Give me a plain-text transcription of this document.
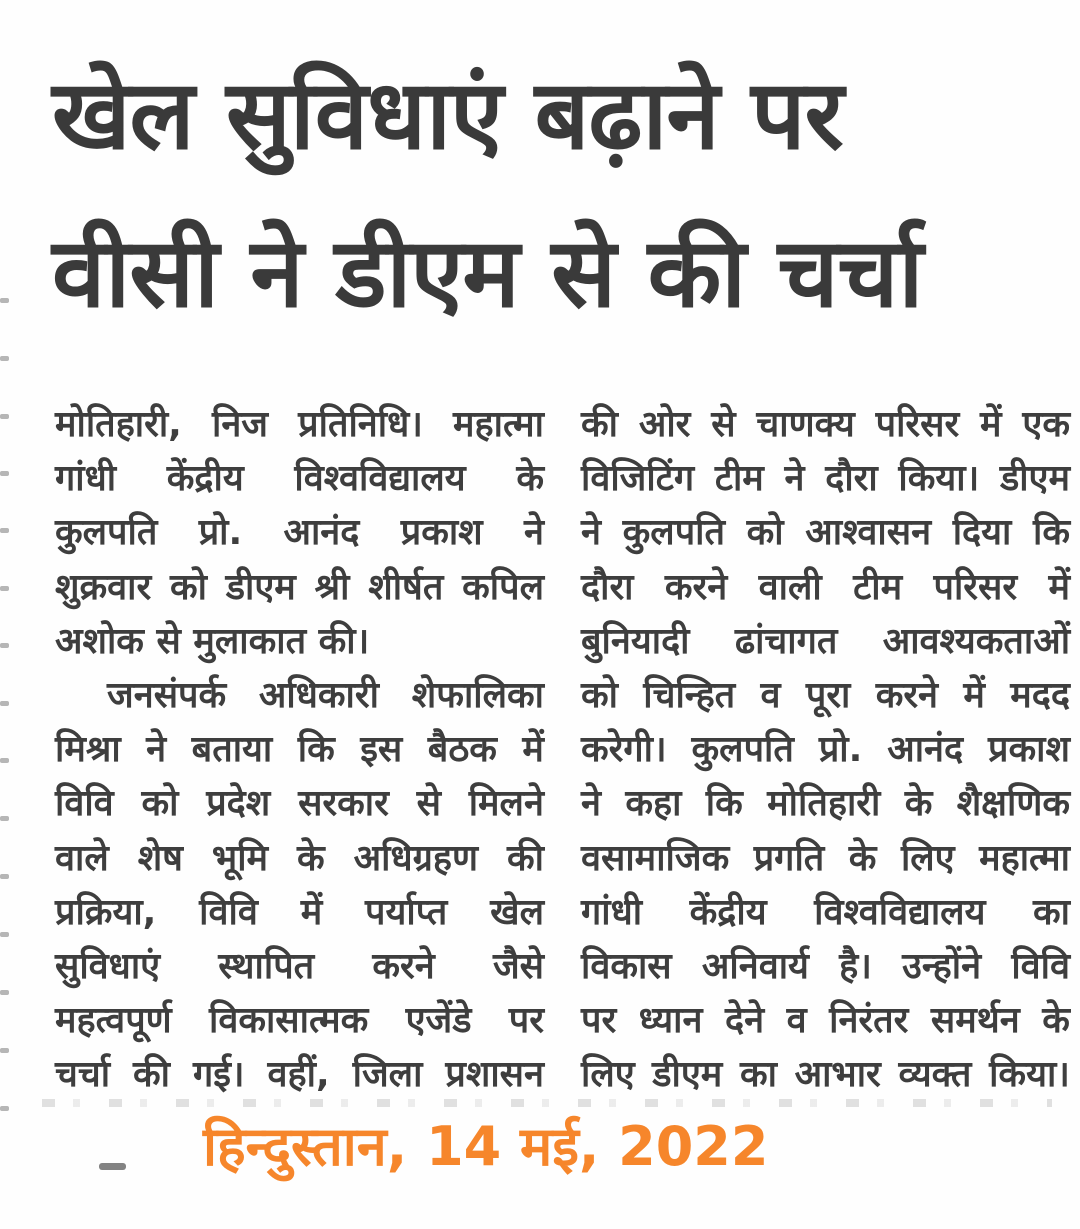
खेल सुविधाएं बढ़ाने पर
वीसी ने डीएम से की चर्चा
मोतिहारी, निज प्रतिनिधि। महात्मा
गांधी केंद्रीय विश्वविद्यालय के
कुलपति प्रो. आनंद प्रकाश ने
शुक्रवार को डीएम श्री शीर्षत कपिल
अशोक से मुलाकात की।
जनसंपर्क अधिकारी शेफालिका
मिश्रा ने बताया कि इस बैठक में
विवि को प्रदेश सरकार से मिलने
वाले शेष भूमि के अधिग्रहण की
प्रक्रिया, विवि में पर्याप्त खेल
सुविधाएं स्थापित करने जैसे
महत्वपूर्ण विकासात्मक एजेंडे पर
चर्चा की गई। वहीं, जिला प्रशासन
की ओर से चाणक्य परिसर में एक
विजिटिंग टीम ने दौरा किया। डीएम
ने कुलपति को आश्वासन दिया कि
दौरा करने वाली टीम परिसर में
बुनियादी ढांचागत आवश्यकताओं
को चिन्हित व पूरा करने में मदद
करेगी। कुलपति प्रो. आनंद प्रकाश
ने कहा कि मोतिहारी के शैक्षणिक
वसामाजिक प्रगति के लिए महात्मा
गांधी केंद्रीय विश्वविद्यालय का
विकास अनिवार्य है। उन्होंने विवि
पर ध्यान देने व निरंतर समर्थन के
लिए डीएम का आभार व्यक्त किया।
हिन्दुस्तान, 14 मई, 2022
